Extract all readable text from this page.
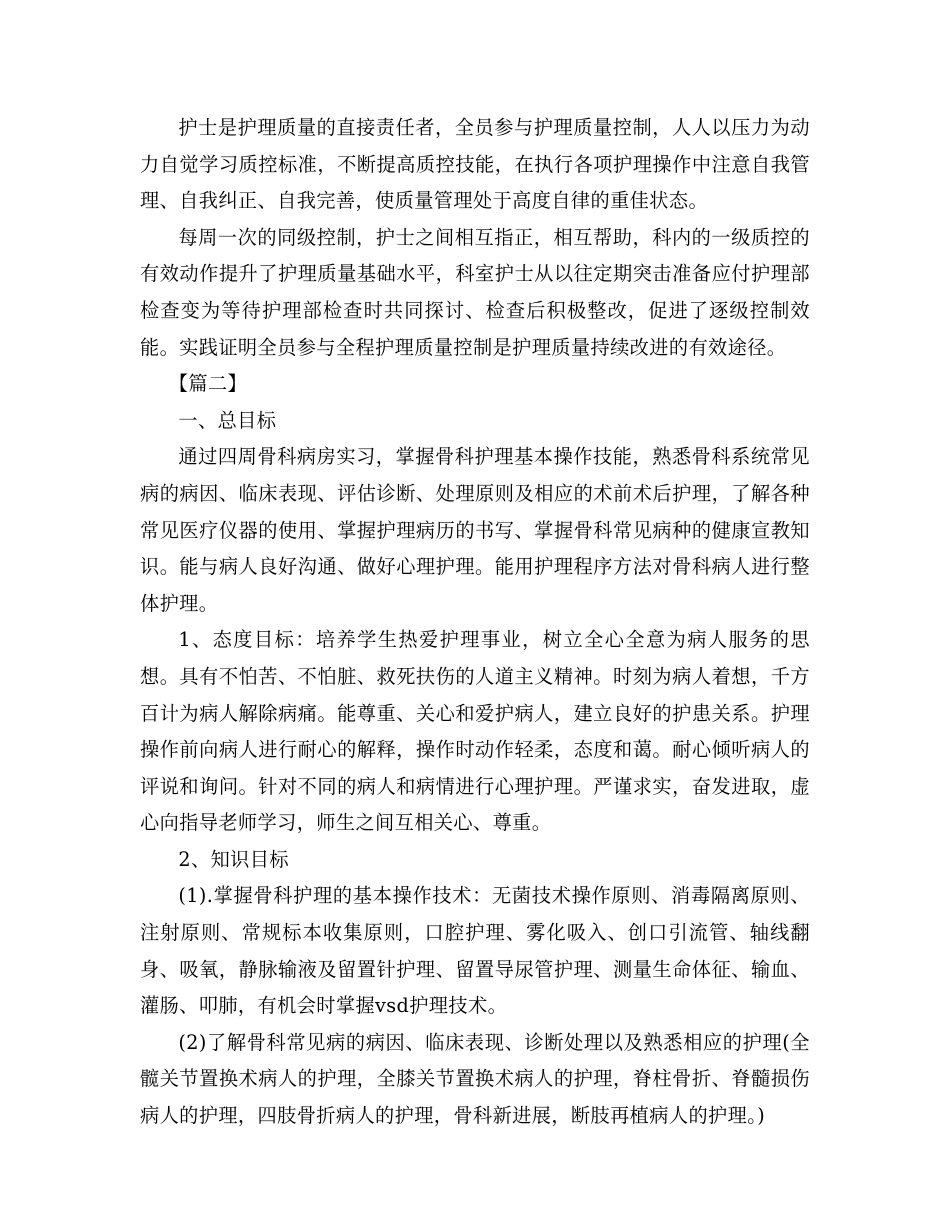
护士是护理质量的直接责任者，全员参与护理质量控制，人人以压力为动力自觉学习质控标准，不断提高质控技能，在执行各项护理操作中注意自我管理、自我纠正、自我完善，使质量管理处于高度自律的重佳状态。

每周一次的同级控制，护士之间相互指正，相互帮助，科内的一级质控的有效动作提升了护理质量基础水平，科室护士从以往定期突击准备应付护理部检查变为等待护理部检查时共同探讨、检查后积极整改，促进了逐级控制效能。实践证明全员参与全程护理质量控制是护理质量持续改进的有效途径。

【篇二】

一、总目标

通过四周骨科病房实习，掌握骨科护理基本操作技能，熟悉骨科系统常见病的病因、临床表现、评估诊断、处理原则及相应的术前术后护理，了解各种常见医疗仪器的使用、掌握护理病历的书写、掌握骨科常见病种的健康宣教知识。能与病人良好沟通、做好心理护理。能用护理程序方法对骨科病人进行整体护理。

1、态度目标：培养学生热爱护理事业，树立全心全意为病人服务的思想。具有不怕苦、不怕脏、救死扶伤的人道主义精神。时刻为病人着想，千方百计为病人解除病痛。能尊重、关心和爱护病人，建立良好的护患关系。护理操作前向病人进行耐心的解释，操作时动作轻柔，态度和蔼。耐心倾听病人的评说和询问。针对不同的病人和病情进行心理护理。严谨求实，奋发进取，虚心向指导老师学习，师生之间互相关心、尊重。

2、知识目标

(1).掌握骨科护理的基本操作技术：无菌技术操作原则、消毒隔离原则、注射原则、常规标本收集原则，口腔护理、雾化吸入、创口引流管、轴线翻身、吸氧，静脉输液及留置针护理、留置导尿管护理、测量生命体征、输血、灌肠、叩肺，有机会时掌握vsd护理技术。

(2)了解骨科常见病的病因、临床表现、诊断处理以及熟悉相应的护理(全髋关节置换术病人的护理，全膝关节置换术病人的护理，脊柱骨折、脊髓损伤病人的护理，四肢骨折病人的护理，骨科新进展，断肢再植病人的护理。)
